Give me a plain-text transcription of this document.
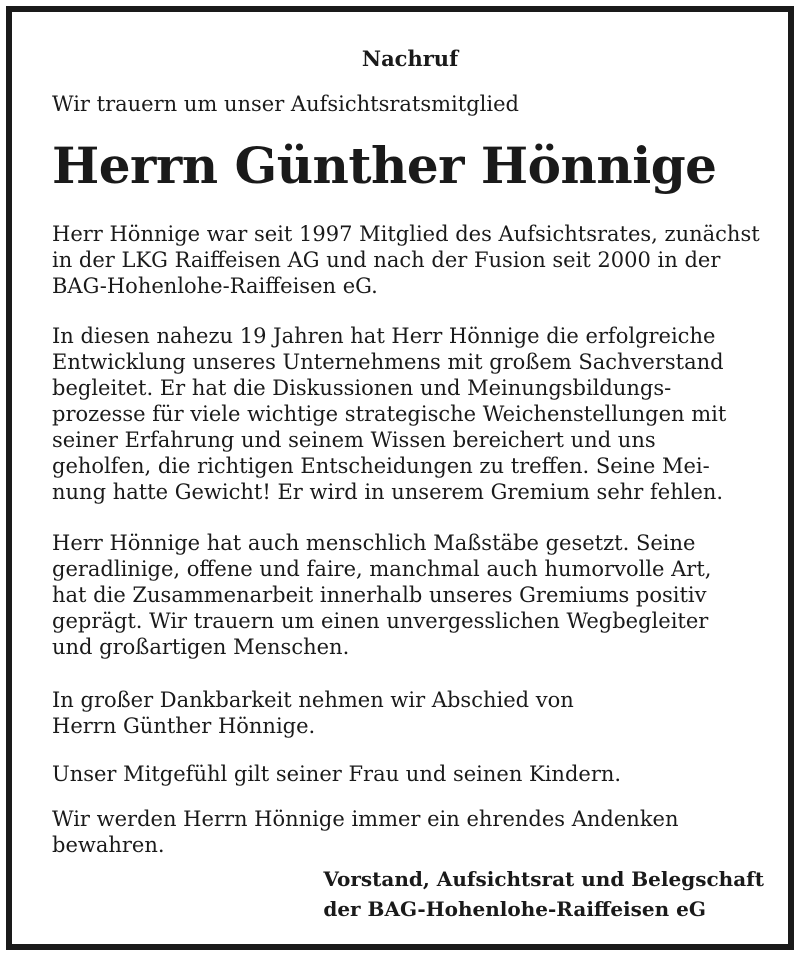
Nachruf
Wir trauern um unser Aufsichtsratsmitglied
Herrn Günther Hönnige
Herr Hönnige war seit 1997 Mitglied des Aufsichtsrates, zunächst
in der LKG Raiffeisen AG und nach der Fusion seit 2000 in der
BAG-Hohenlohe-Raiffeisen eG.
In diesen nahezu 19 Jahren hat Herr Hönnige die erfolgreiche
Entwicklung unseres Unternehmens mit großem Sachverstand
begleitet. Er hat die Diskussionen und Meinungsbildungs-
prozesse für viele wichtige strategische Weichenstellungen mit
seiner Erfahrung und seinem Wissen bereichert und uns
geholfen, die richtigen Entscheidungen zu treffen. Seine Mei-
nung hatte Gewicht! Er wird in unserem Gremium sehr fehlen.
Herr Hönnige hat auch menschlich Maßstäbe gesetzt. Seine
geradlinige, offene und faire, manchmal auch humorvolle Art,
hat die Zusammenarbeit innerhalb unseres Gremiums positiv
geprägt. Wir trauern um einen unvergesslichen Wegbegleiter
und großartigen Menschen.
In großer Dankbarkeit nehmen wir Abschied von
Herrn Günther Hönnige.
Unser Mitgefühl gilt seiner Frau und seinen Kindern.
Wir werden Herrn Hönnige immer ein ehrendes Andenken
bewahren.
Vorstand, Aufsichtsrat und Belegschaft
der BAG-Hohenlohe-Raiffeisen eG
